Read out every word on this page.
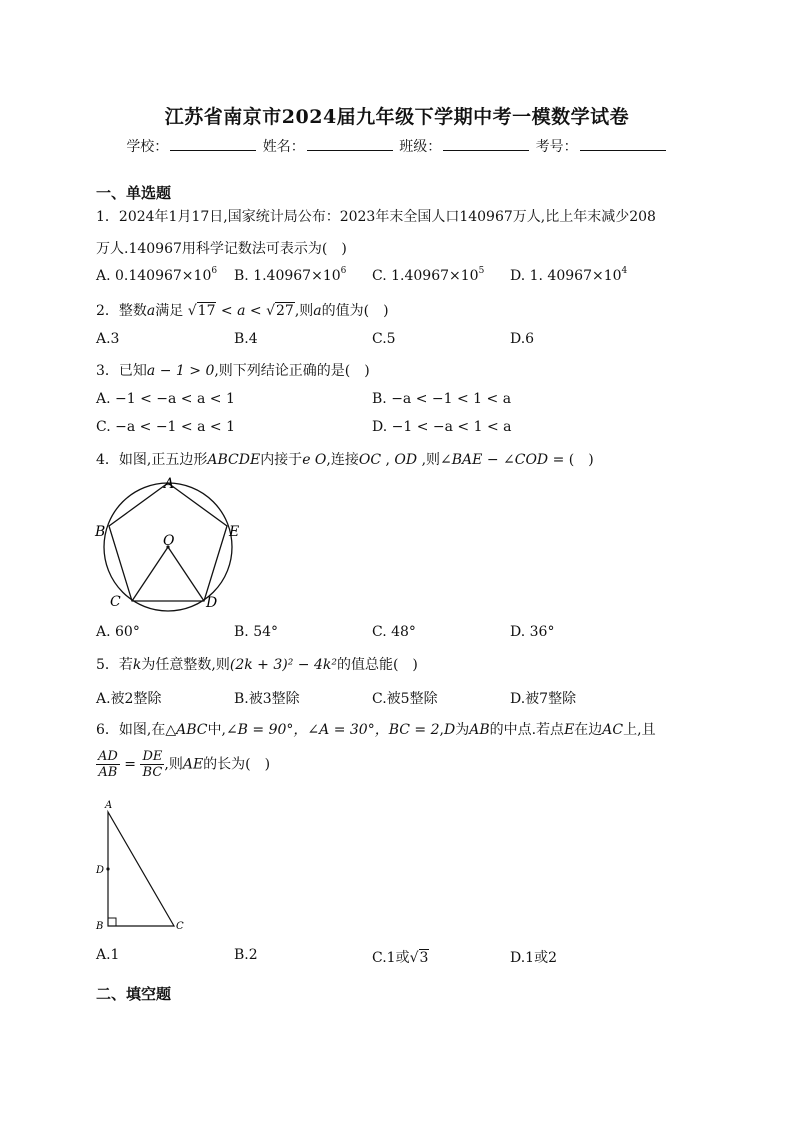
江苏省南京市2024届九年级下学期中考一模数学试卷
学校：	姓名：	班级：	考号：
一、单选题
1．2024年1月17日,国家统计局公布：2023年末全国人口140967万人,比上年末减少208
万人.140967用科学记数法可表示为(　)
A. $0.140967\times 10^6$ B. $1.40967\times 10^6$ C. $1.40967\times 10^5$ D. 1. $40967\times 10^4$
2．整数a满足 √17 < a < √27,则a的值为(　)
A.3	B.4	C.5	D.6
3．已知a − 1 > 0,则下列结论正确的是(　)
A. −1 < −a < a < 1	B. −a < −1 < 1 < a
C. −a < −1 < a < 1	D. −1 < −a < 1 < a
4．如图,正五边形ABCDE内接于e O,连接OC , OD ,则∠BAE − ∠COD = (　)
A
B
C	D
E
O
A. 60°	B. 54°	C. 48°	D. 36°
5．若k为任意整数,则(2k + 3)² − 4k²的值总能(　)
A.被2整除	B.被3整除	C.被5整除	D.被7整除
6．如图,在△ABC中,∠B = 90°，∠A = 30°，BC = 2,D为AB的中点.若点E在边AC上,且
$\frac{AD}{AB} = \frac{DE}{BC}$ ,则AE的长为(　)
A
B	C
D
A.1	B.2	C.1或√3	D.1或2
二、填空题
